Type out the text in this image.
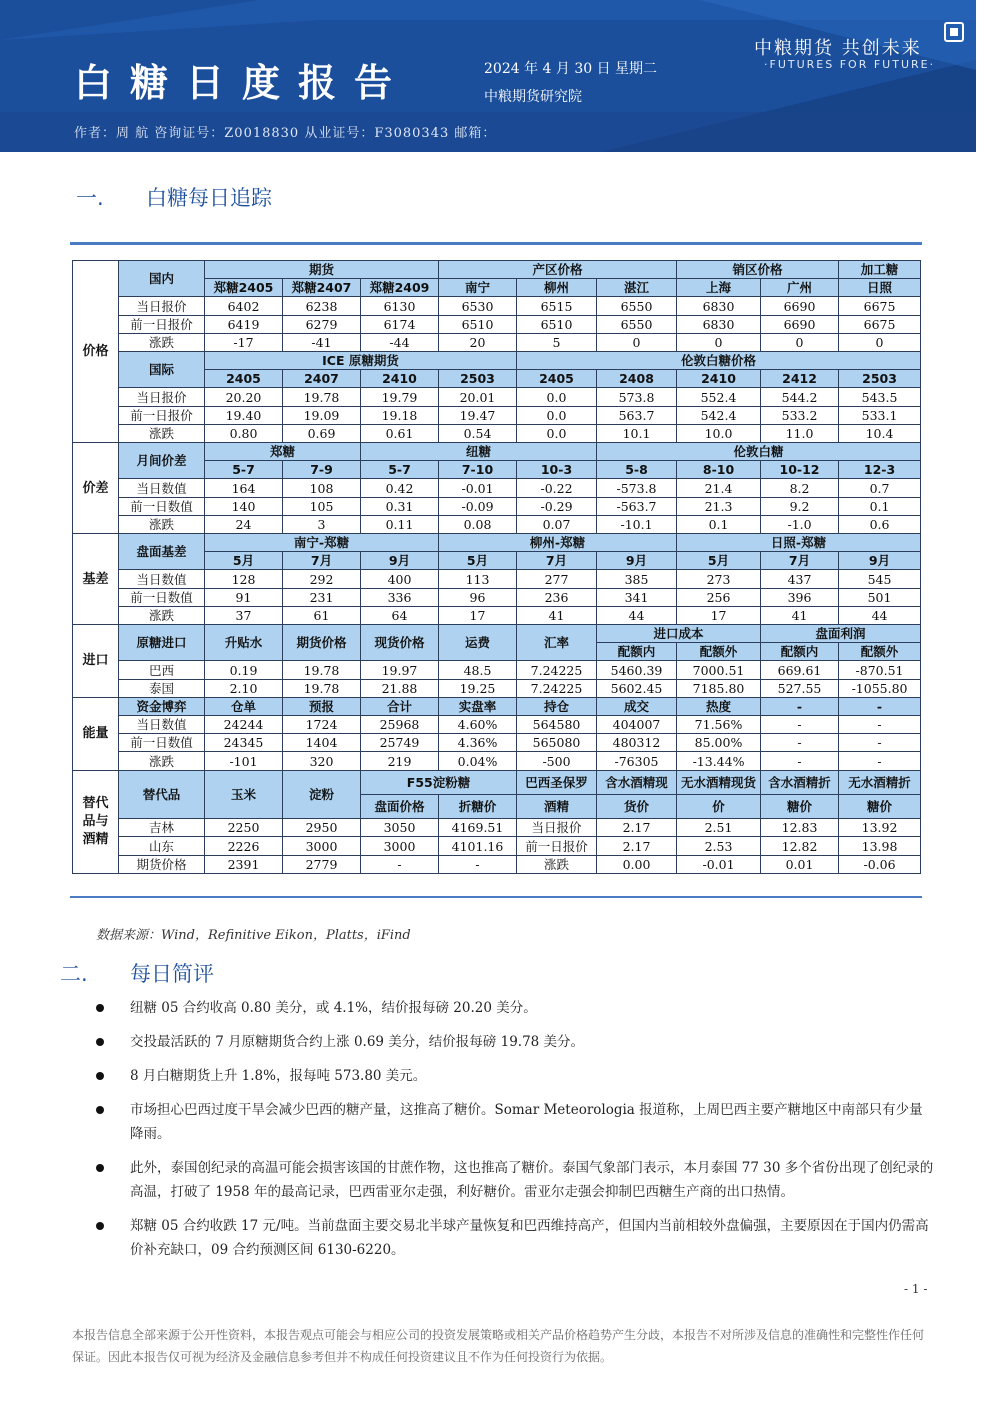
白糖日度报告	2024 年 4 月 30 日 星期二
中粮期货研究院
中粮期货 共创未来
·FUTURES FOR FUTURE·
作者：周 航 咨询证号：Z0018830 从业证号：F3080343 邮箱：
一. 白糖每日追踪
价格	国内	期货			产区价格			销区价格		加工糖
		郑糖2405	郑糖2407	郑糖2409	南宁	柳州	湛江	上海	广州	日照
	当日报价	6402	6238	6130	6530	6515	6550	6830	6690	6675
	前一日报价	6419	6279	6174	6510	6510	6550	6830	6690	6675
	涨跌	-17	-41	-44	20	5	0	0	0	0
	国际	ICE 原糖期货				伦敦白糖价格				
		2405	2407	2410	2503	2405	2408	2410	2412	2503
	当日报价	20.20	19.78	19.79	20.01	0.0	573.8	552.4	544.2	543.5
	前一日报价	19.40	19.09	19.18	19.47	0.0	563.7	542.4	533.2	533.1
	涨跌	0.80	0.69	0.61	0.54	0.0	10.1	10.0	11.0	10.4
价差	月间价差	郑糖		纽糖			伦敦白糖			
		5-7	7-9	5-7	7-10	10-3	5-8	8-10	10-12	12-3
	当日数值	164	108	0.42	-0.01	-0.22	-573.8	21.4	8.2	0.7
	前一日数值	140	105	0.31	-0.09	-0.29	-563.7	21.3	9.2	0.1
	涨跌	24	3	0.11	0.08	0.07	-10.1	0.1	-1.0	0.6
基差	盘面基差	南宁-郑糖			柳州-郑糖			日照-郑糖		
		5月	7月	9月	5月	7月	9月	5月	7月	9月
	当日数值	128	292	400	113	277	385	273	437	545
	前一日数值	91	231	336	96	236	341	256	396	501
	涨跌	37	61	64	17	41	44	17	41	44
进口	原糖进口	升贴水	期货价格	现货价格	运费	汇率	进口成本		盘面利润	
							配额内	配额外	配额内	配额外
	巴西	0.19	19.78	19.97	48.5	7.24225	5460.39	7000.51	669.61	-870.51
	泰国	2.10	19.78	21.88	19.25	7.24225	5602.45	7185.80	527.55	-1055.80
能量	资金博弈	仓单	预报	合计	实盘率	持仓	成交	热度	-	-
	当日数值	24244	1724	25968	4.60%	564580	404007	71.56%	-	-
	前一日数值	24345	1404	25749	4.36%	565080	480312	85.00%	-	-
	涨跌	-101	320	219	0.04%	-500	-76305	-13.44%	-	-

替代
品与
酒精	替代品	玉米	淀粉	F55淀粉糖		巴西圣保罗	含水酒精现	无水酒精现货	含水酒精折	无水酒精折
				盘面价格	折糖价	酒精	货价	价	糖价	糖价
	吉林	2250	2950	3050	4169.51	当日报价	2.17	2.51	12.83	13.92
	山东	2226	3000	3000	4101.16	前一日报价	2.17	2.53	12.82	13.98
	期货价格	2391	2779	-	-	涨跌	0.00	-0.01	0.01	-0.06
数据来源：Wind，Refinitive Eikon，Platts，iFind
二. 每日简评
纽糖 05 合约收高 0.80 美分，或 4.1%，结价报每磅 20.20 美分。
交投最活跃的 7 月原糖期货合约上涨 0.69 美分，结价报每磅 19.78 美分。
8 月白糖期货上升 1.8%，报每吨 573.80 美元。
市场担心巴西过度干旱会减少巴西的糖产量，这推高了糖价。Somar Meteorologia 报道称，上周巴西主要产糖地区中南部只有少量降雨。
此外，泰国创纪录的高温可能会损害该国的甘蔗作物，这也推高了糖价。泰国气象部门表示，本月泰国 77 30 多个省份出现了创纪录的高温，打破了 1958 年的最高记录，巴西雷亚尔走强，利好糖价。雷亚尔走强会抑制巴西糖生产商的出口热情。
郑糖 05 合约收跌 17 元/吨。当前盘面主要交易北半球产量恢复和巴西维持高产，但国内当前相较外盘偏强，主要原因在于国内仍需高价补充缺口，09 合约预测区间 6130-6220。
- 1 -
本报告信息全部来源于公开性资料，本报告观点可能会与相应公司的投资发展策略或相关产品价格趋势产生分歧，本报告不对所涉及信息的准确性和完整性作任何保证。因此本报告仅可视为经济及金融信息参考但并不构成任何投资建议且不作为任何投资行为依据。
